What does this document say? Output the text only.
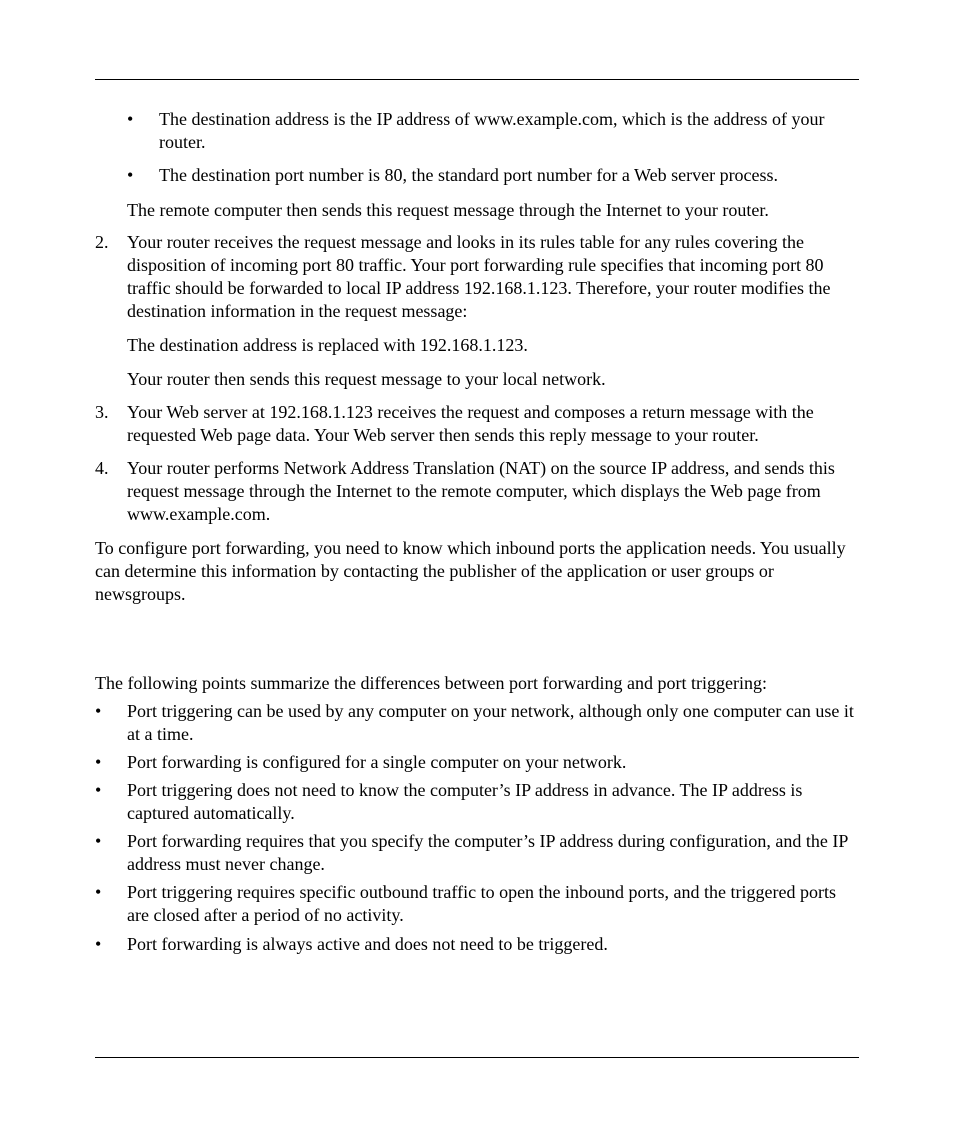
•	The destination address is the IP address of www.example.com, which is the address of your router.

•	The destination port number is 80, the standard port number for a Web server process.

The remote computer then sends this request message through the Internet to your router.

2. Your router receives the request message and looks in its rules table for any rules covering the disposition of incoming port 80 traffic. Your port forwarding rule specifies that incoming port 80 traffic should be forwarded to local IP address 192.168.1.123. Therefore, your router modifies the destination information in the request message:

The destination address is replaced with 192.168.1.123.

Your router then sends this request message to your local network.

3. Your Web server at 192.168.1.123 receives the request and composes a return message with the requested Web page data. Your Web server then sends this reply message to your router.

4. Your router performs Network Address Translation (NAT) on the source IP address, and sends this request message through the Internet to the remote computer, which displays the Web page from www.example.com.

To configure port forwarding, you need to know which inbound ports the application needs. You usually can determine this information by contacting the publisher of the application or user groups or newsgroups.

The following points summarize the differences between port forwarding and port triggering:

•	Port triggering can be used by any computer on your network, although only one computer can use it at a time.

•	Port forwarding is configured for a single computer on your network.

•	Port triggering does not need to know the computer’s IP address in advance. The IP address is captured automatically.

•	Port forwarding requires that you specify the computer’s IP address during configuration, and the IP address must never change.

•	Port triggering requires specific outbound traffic to open the inbound ports, and the triggered ports are closed after a period of no activity.

•	Port forwarding is always active and does not need to be triggered.
